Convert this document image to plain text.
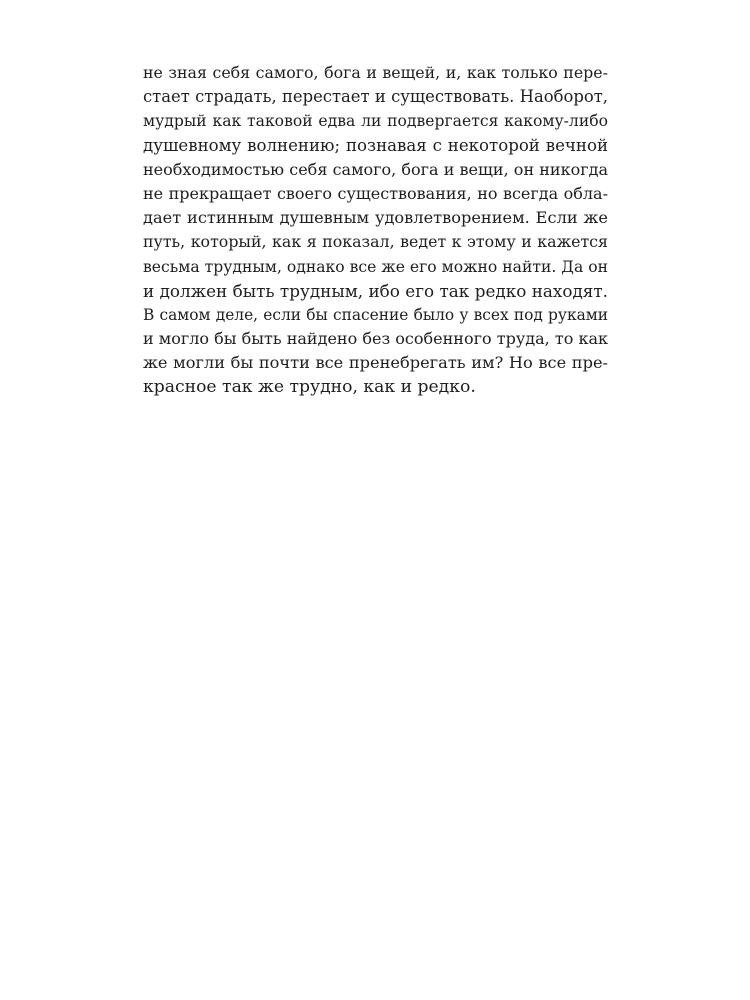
не зная себя самого, бога и вещей, и, как только пере-
стает страдать, перестает и существовать. Наоборот,
мудрый как таковой едва ли подвергается какому-либо
душевному волнению; познавая с некоторой вечной
необходимостью себя самого, бога и вещи, он никогда
не прекращает своего существования, но всегда обла-
дает истинным душевным удовлетворением. Если же
путь, который, как я показал, ведет к этому и кажется
весьма трудным, однако все же его можно найти. Да он
и должен быть трудным, ибо его так редко находят.
В самом деле, если бы спасение было у всех под руками
и могло бы быть найдено без особенного труда, то как
же могли бы почти все пренебрегать им? Но все пре-
красное так же трудно, как и редко.
